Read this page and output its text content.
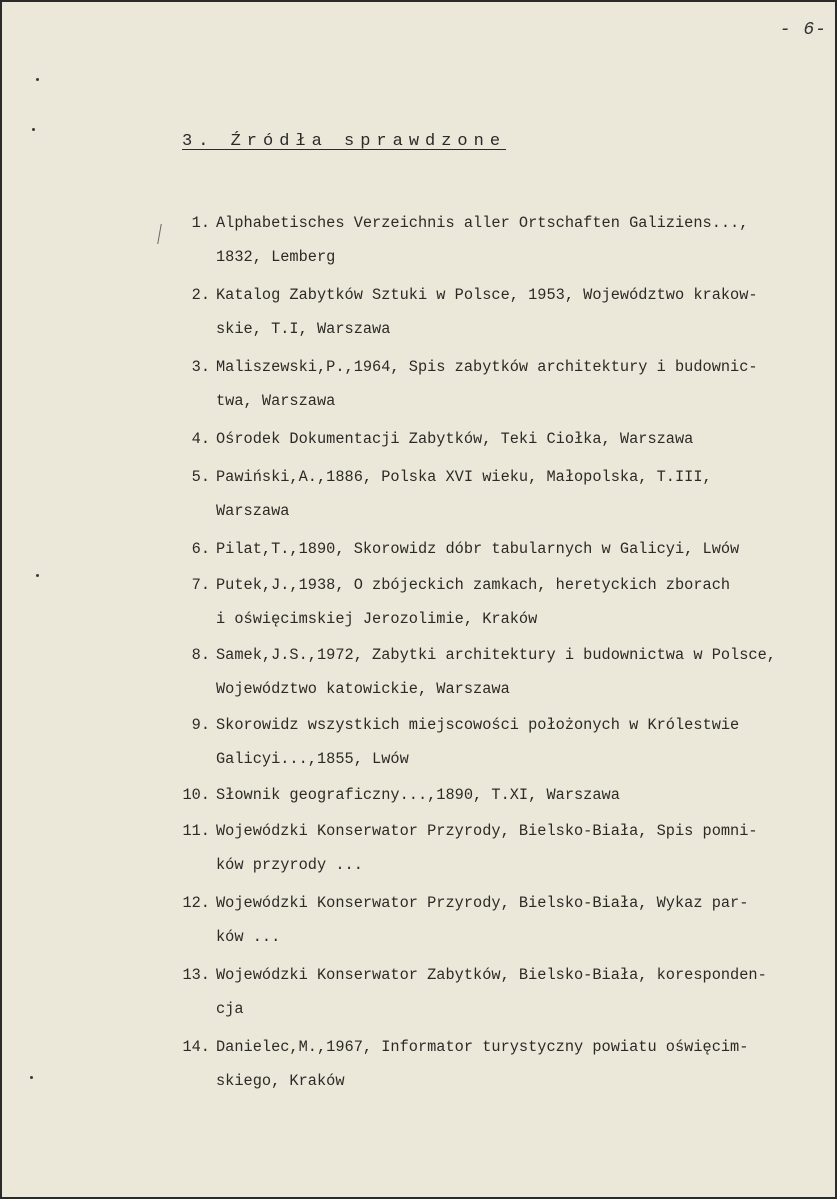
- 6-
3. Źródła sprawdzone
1. Alphabetisches Verzeichnis aller Ortschaften Galiziens...,
1832, Lemberg
2. Katalog Zabytków Sztuki w Polsce, 1953, Województwo krakow-
skie, T.I, Warszawa
3. Maliszewski,P.,1964, Spis zabytków architektury i budownic-
twa, Warszawa
4. Ośrodek Dokumentacji Zabytków, Teki Ciołka, Warszawa
5. Pawiński,A.,1886, Polska XVI wieku, Małopolska, T.III,
Warszawa
6. Pilat,T.,1890, Skorowidz dóbr tabularnych w Galicyi, Lwów
7. Putek,J.,1938, O zbójeckich zamkach, heretyckich zborach
i oświęcimskiej Jerozolimie, Kraków
8. Samek,J.S.,1972, Zabytki architektury i budownictwa w Polsce,
Województwo katowickie, Warszawa
9. Skorowidz wszystkich miejscowości położonych w Królestwie
Galicyi...,1855, Lwów
10. Słownik geograficzny...,1890, T.XI, Warszawa
11. Wojewódzki Konserwator Przyrody, Bielsko-Biała, Spis pomni-
ków przyrody ...
12. Wojewódzki Konserwator Przyrody, Bielsko-Biała, Wykaz par-
ków ...
13. Wojewódzki Konserwator Zabytków, Bielsko-Biała, koresponden-
cja
14. Danielec,M.,1967, Informator turystyczny powiatu oświęcim-
skiego, Kraków
